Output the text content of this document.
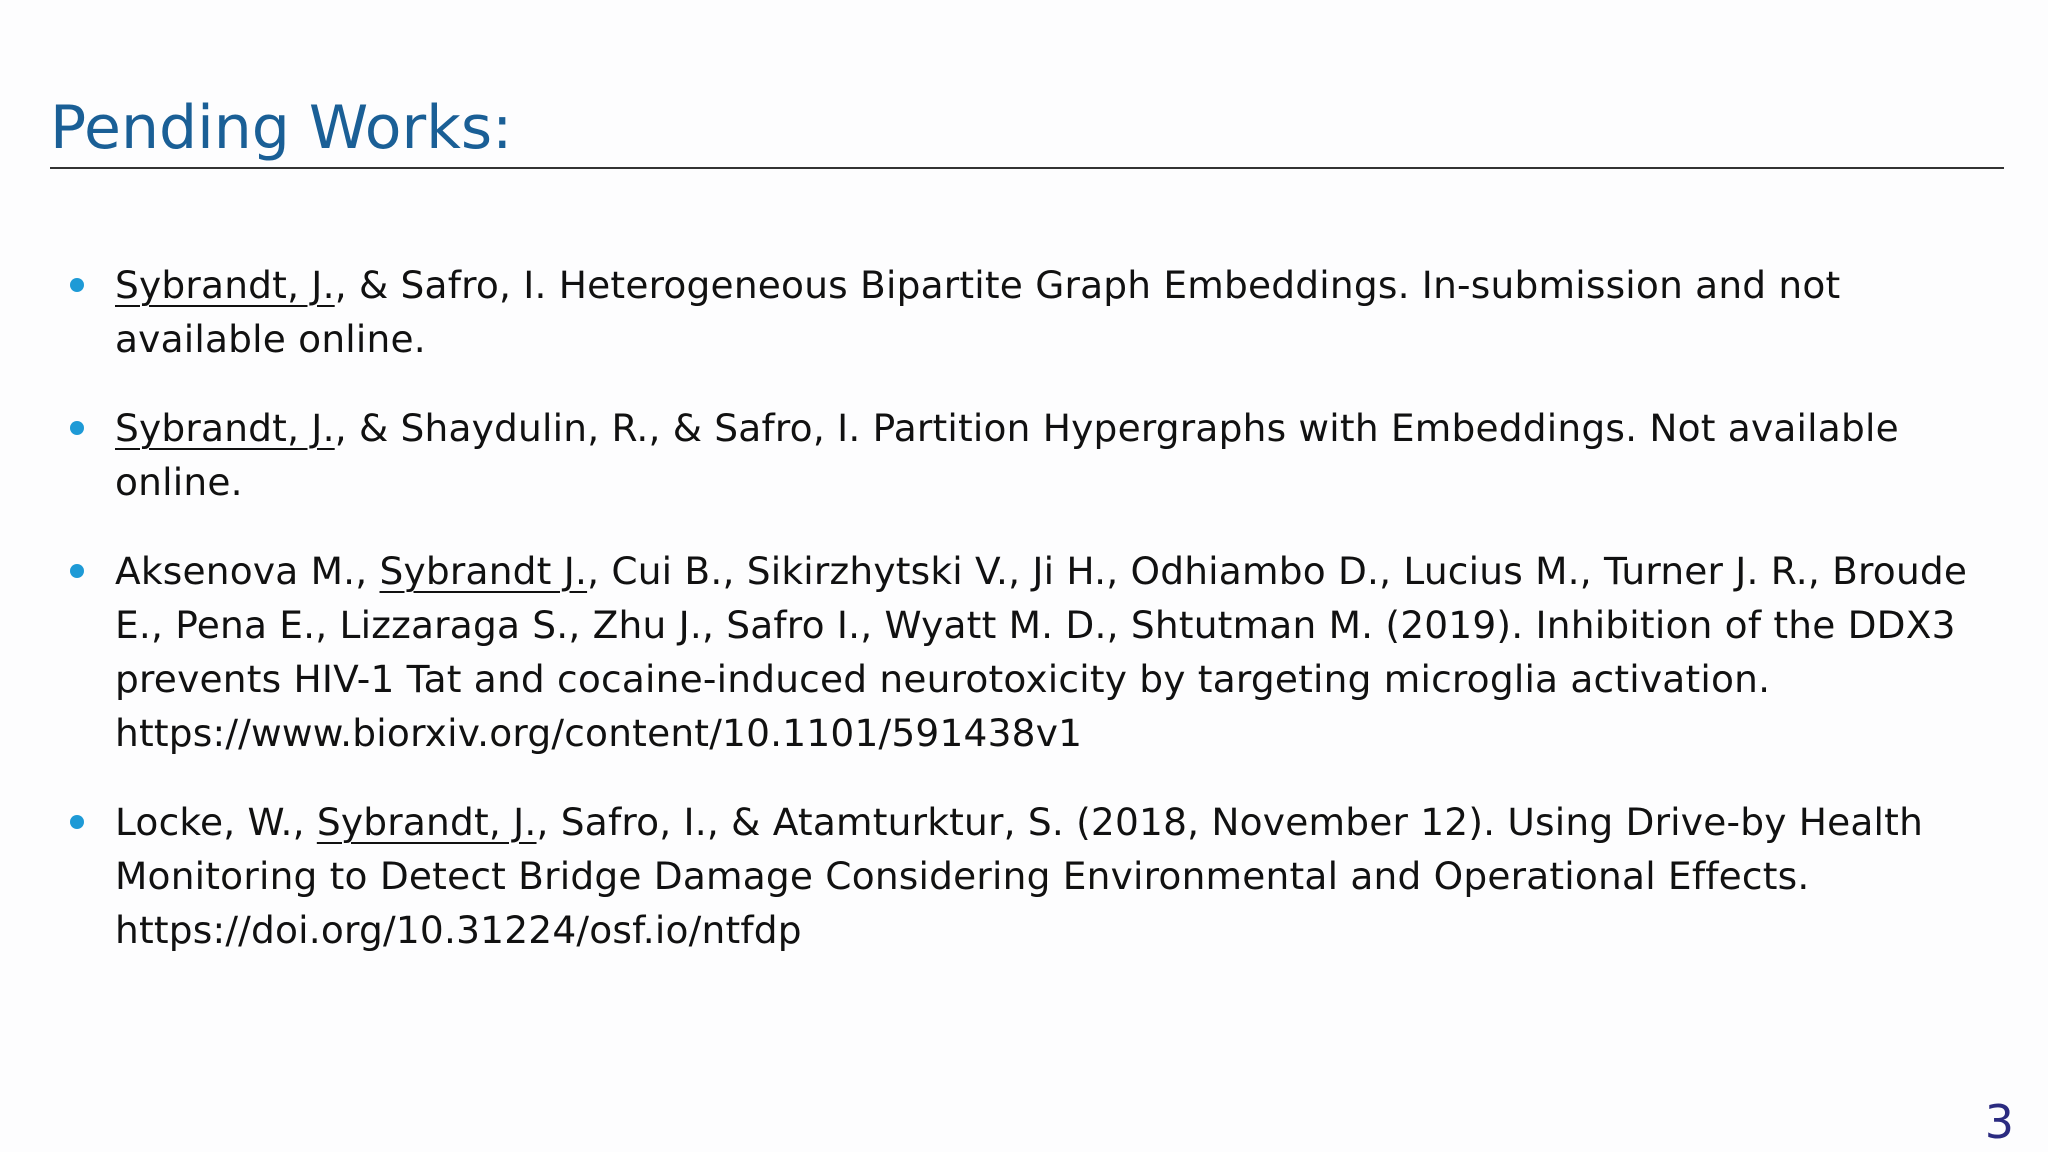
Pending Works:
Sybrandt, J., & Safro, I. Heterogeneous Bipartite Graph Embeddings. In-submission and not available online.
Sybrandt, J., & Shaydulin, R., & Safro, I. Partition Hypergraphs with Embeddings. Not available online.
Aksenova M., Sybrandt J., Cui B., Sikirzhytski V., Ji H., Odhiambo D., Lucius M., Turner J. R., Broude E., Pena E., Lizzaraga S., Zhu J., Safro I., Wyatt M. D., Shtutman M. (2019). Inhibition of the DDX3 prevents HIV-1 Tat and cocaine-induced neurotoxicity by targeting microglia activation. https://www.biorxiv.org/content/10.1101/591438v1
Locke, W., Sybrandt, J., Safro, I., & Atamturktur, S. (2018, November 12). Using Drive-by Health Monitoring to Detect Bridge Damage Considering Environmental and Operational Effects. https://doi.org/10.31224/osf.io/ntfdp
3
